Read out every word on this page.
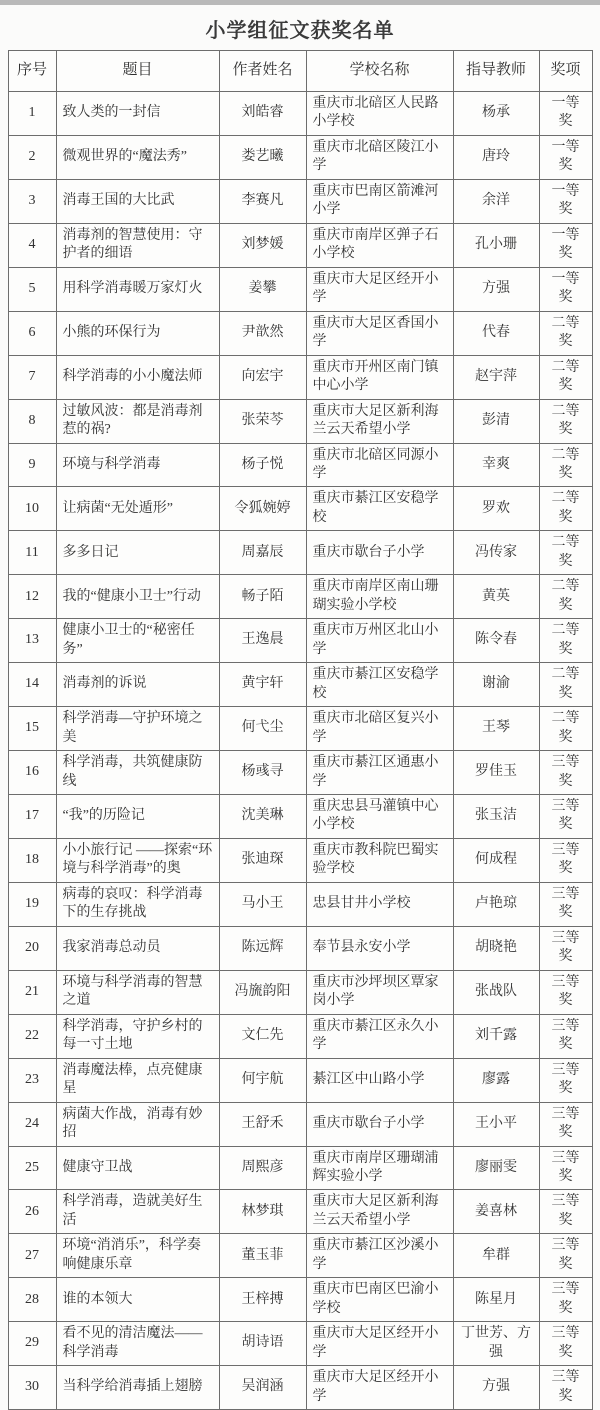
小学组征文获奖名单
序号	题目	作者姓名	学校名称	指导教师	奖项
1	致人类的一封信	刘皓睿	重庆市北碚区人民路小学校	杨承	一等奖
2	微观世界的“魔法秀”	娄艺曦	重庆市北碚区陵江小学	唐玲	一等奖
3	消毒王国的大比武	李赛凡	重庆市巴南区箭滩河小学	余洋	一等奖
4	消毒剂的智慧使用：守护者的细语	刘梦媛	重庆市南岸区弹子石小学校	孔小珊	一等奖
5	用科学消毒暖万家灯火	姜攀	重庆市大足区经开小学	方强	一等奖
6	小熊的环保行为	尹歆然	重庆市大足区香国小学	代春	二等奖
7	科学消毒的小小魔法师	向宏宇	重庆市开州区南门镇中心小学	赵宇萍	二等奖
8	过敏风波：都是消毒剂惹的祸?	张荣芩	重庆市大足区新利海兰云天希望小学	彭清	二等奖
9	环境与科学消毒	杨子悦	重庆市北碚区同源小学	幸爽	二等奖
10	让病菌“无处遁形”	令狐婉婷	重庆市綦江区安稳学校	罗欢	二等奖
11	多多日记	周嘉辰	重庆市歇台子小学	冯传家	二等奖
12	我的“健康小卫士”行动	畅子陌	重庆市南岸区南山珊瑚实验小学校	黄英	二等奖
13	健康小卫士的“秘密任务”	王逸晨	重庆市万州区北山小学	陈令春	二等奖
14	消毒剂的诉说	黄宇轩	重庆市綦江区安稳学校	谢渝	二等奖
15	科学消毒—守护环境之美	何弋尘	重庆市北碚区复兴小学	王琴	二等奖
16	科学消毒，共筑健康防线	杨彧寻	重庆市綦江区通惠小学	罗佳玉	三等奖
17	“我”的历险记	沈美琳	重庆忠县马灌镇中心小学校	张玉洁	三等奖
18	小小旅行记 ——探索“环境与科学消毒”的奥	张迪琛	重庆市教科院巴蜀实验学校	何成程	三等奖
19	病毒的哀叹：科学消毒下的生存挑战	马小王	忠县甘井小学校	卢艳琼	三等奖
20	我家消毒总动员	陈远辉	奉节县永安小学	胡晓艳	三等奖
21	环境与科学消毒的智慧之道	冯旒韵阳	重庆市沙坪坝区覃家岗小学	张战队	三等奖
22	科学消毒，守护乡村的每一寸土地	文仁先	重庆市綦江区永久小学	刘千露	三等奖
23	消毒魔法棒，点亮健康星	何宇航	綦江区中山路小学	廖露	三等奖
24	病菌大作战，消毒有妙招	王舒禾	重庆市歇台子小学	王小平	三等奖
25	健康守卫战	周熙彦	重庆市南岸区珊瑚浦辉实验小学	廖丽雯	三等奖
26	科学消毒，造就美好生活	林梦琪	重庆市大足区新利海兰云天希望小学	姜喜林	三等奖
27	环境“消消乐”，科学奏响健康乐章	董玉菲	重庆市綦江区沙溪小学	牟群	三等奖
28	谁的本领大	王梓搏	重庆市巴南区巴渝小学校	陈星月	三等奖
29	看不见的清洁魔法——科学消毒	胡诗语	重庆市大足区经开小学	丁世芳、方强	三等奖
30	当科学给消毒插上翅膀	吴润涵	重庆市大足区经开小学	方强	三等奖
